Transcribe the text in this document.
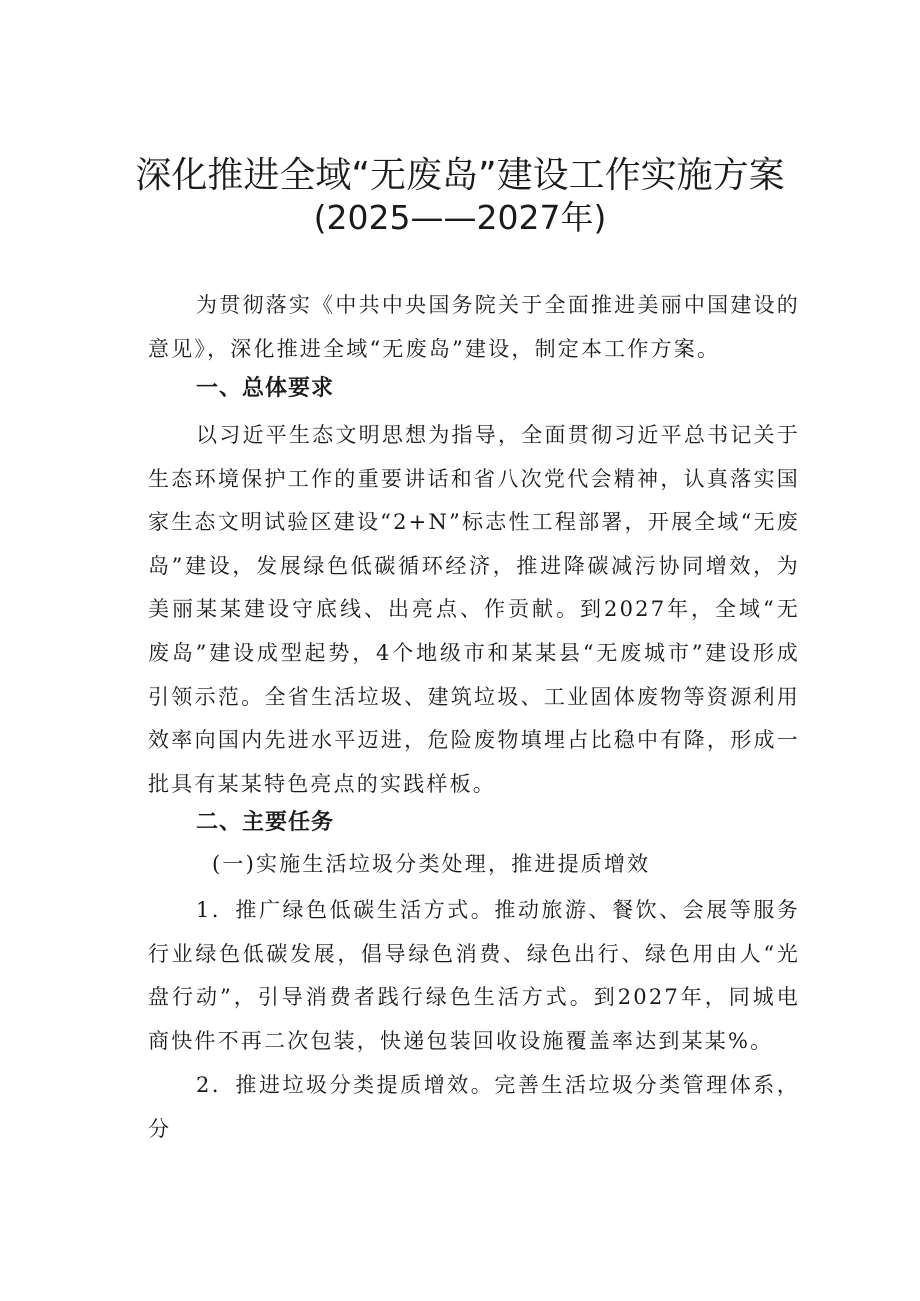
深化推进全域“无废岛”建设工作实施方案
(2025——2027年)

为贯彻落实《中共中央国务院关于全面推进美丽中国建设的意见》，深化推进全域“无废岛”建设，制定本工作方案。

一、总体要求

以习近平生态文明思想为指导，全面贯彻习近平总书记关于生态环境保护工作的重要讲话和省八次党代会精神，认真落实国家生态文明试验区建设“2+N”标志性工程部署，开展全域“无废岛”建设，发展绿色低碳循环经济，推进降碳减污协同增效，为美丽某某建设守底线、出亮点、作贡献。到2027年，全域“无废岛”建设成型起势，4个地级市和某某县“无废城市”建设形成引领示范。全省生活垃圾、建筑垃圾、工业固体废物等资源利用效率向国内先进水平迈进，危险废物填埋占比稳中有降，形成一批具有某某特色亮点的实践样板。

二、主要任务

(一)实施生活垃圾分类处理，推进提质增效

1．推广绿色低碳生活方式。推动旅游、餐饮、会展等服务行业绿色低碳发展，倡导绿色消费、绿色出行、绿色用由人“光盘行动”，引导消费者践行绿色生活方式。到2027年，同城电商快件不再二次包装，快递包装回收设施覆盖率达到某某%。

2．推进垃圾分类提质增效。完善生活垃圾分类管理体系，分
